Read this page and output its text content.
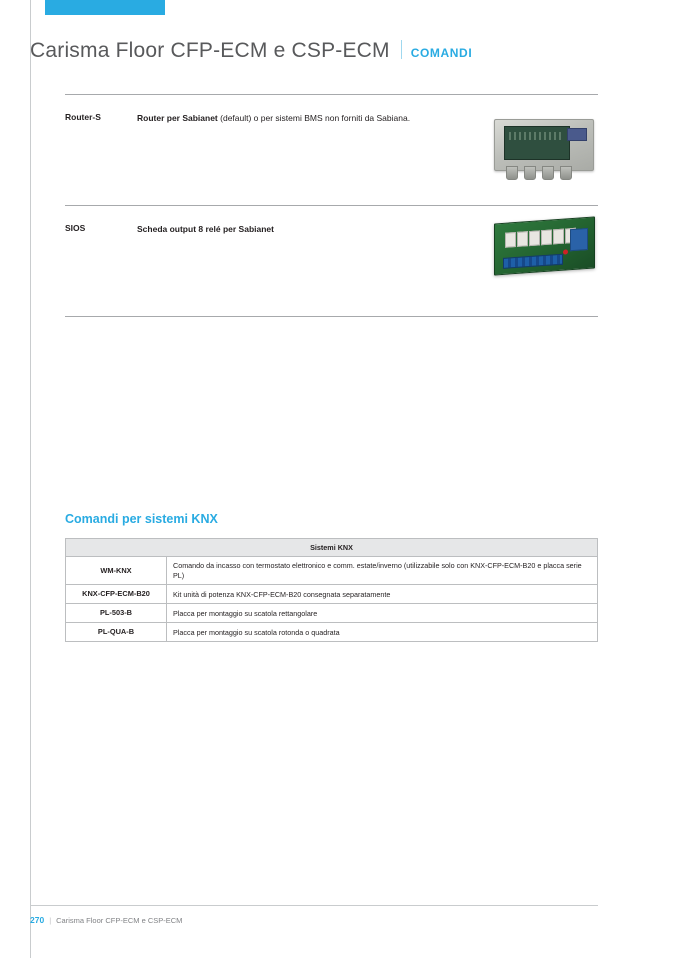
Carisma Floor CFP-ECM e CSP-ECM COMANDI
Router-S	Router per Sabianet (default) o per sistemi BMS non forniti da Sabiana.
SIOS	Scheda output 8 relé per Sabianet
Comandi per sistemi KNX
Sistemi KNX	
WM-KNX	Comando da incasso con termostato elettronico e comm. estate/inverno (utilizzabile solo con KNX-CFP-ECM-B20 e placca serie PL)
KNX-CFP-ECM-B20	Kit unità di potenza KNX-CFP-ECM-B20 consegnata separatamente
PL-503-B	Placca per montaggio su scatola rettangolare
PL-QUA-B	Placca per montaggio su scatola rotonda o quadrata
270 | Carisma Floor CFP-ECM e CSP-ECM
